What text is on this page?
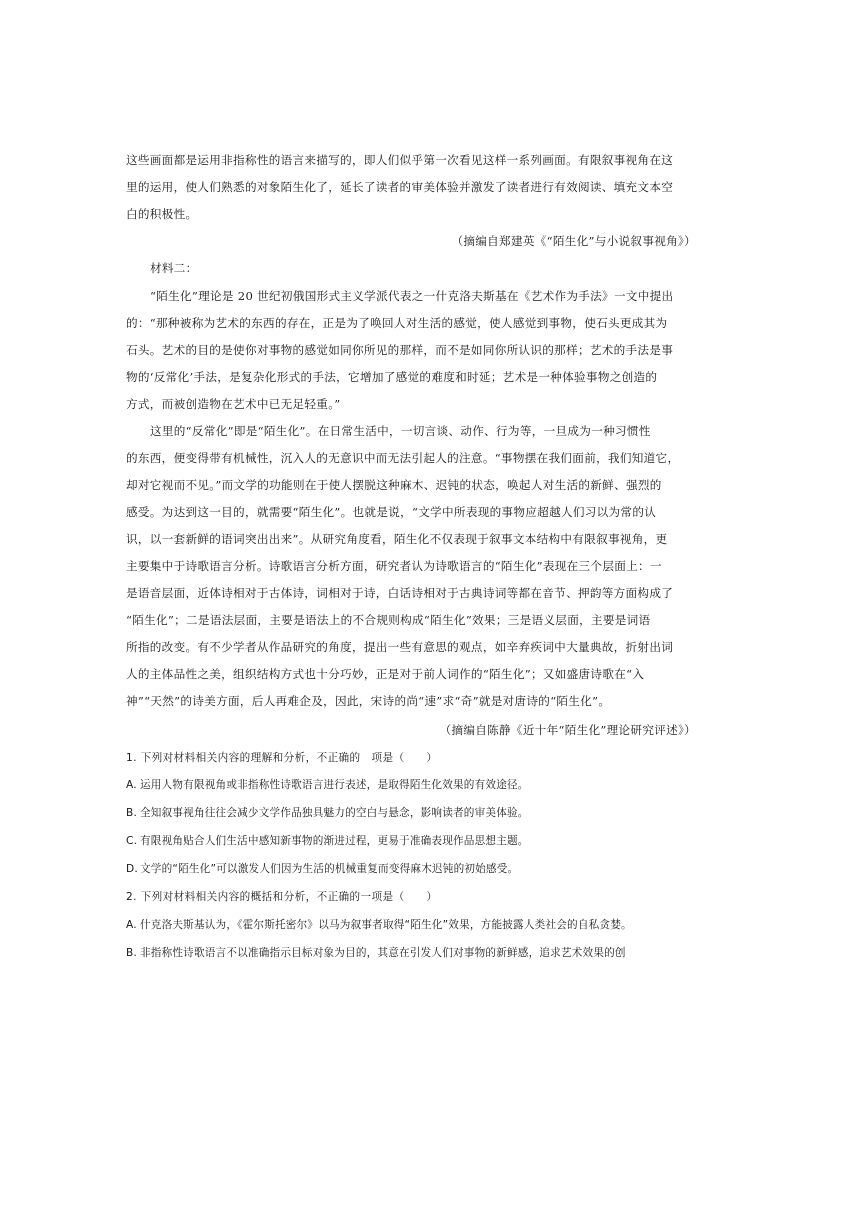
这些画面都是运用非指称性的语言来描写的，即人们似乎第一次看见这样一系列画面。有限叙事视角在这
里的运用，使人们熟悉的对象陌生化了，延长了读者的审美体验并激发了读者进行有效阅读、填充文本空
白的积极性。
（摘编自郑建英《“陌生化”与小说叙事视角》）
材料二：
“陌生化”理论是 20 世纪初俄国形式主义学派代表之一什克洛夫斯基在《艺术作为手法》一文中提出
的：“那种被称为艺术的东西的存在，正是为了唤回人对生活的感觉，使人感觉到事物，使石头更成其为
石头。艺术的目的是使你对事物的感觉如同你所见的那样，而不是如同你所认识的那样；艺术的手法是事
物的‘反常化’手法，是复杂化形式的手法，它增加了感觉的难度和时延；艺术是一种体验事物之创造的
方式，而被创造物在艺术中已无足轻重。”
这里的“反常化”即是“陌生化”。在日常生活中，一切言谈、动作、行为等，一旦成为一种习惯性
的东西，便变得带有机械性，沉入人的无意识中而无法引起人的注意。“事物摆在我们面前，我们知道它，
却对它视而不见。”而文学的功能则在于使人摆脱这种麻木、迟钝的状态，唤起人对生活的新鲜、强烈的
感受。为达到这一目的，就需要“陌生化”。也就是说，“文学中所表现的事物应超越人们习以为常的认
识，以一套新鲜的语词突出出来”。从研究角度看，陌生化不仅表现于叙事文本结构中有限叙事视角，更
主要集中于诗歌语言分析。诗歌语言分析方面，研究者认为诗歌语言的“陌生化”表现在三个层面上：一
是语音层面，近体诗相对于古体诗，词相对于诗，白话诗相对于古典诗词等都在音节、押韵等方面构成了
“陌生化”；二是语法层面，主要是语法上的不合规则构成“陌生化”效果；三是语义层面，主要是词语
所指的改变。有不少学者从作品研究的角度，提出一些有意思的观点，如辛弃疾词中大量典故，折射出词
人的主体品性之美，组织结构方式也十分巧妙，正是对于前人词作的“陌生化”；又如盛唐诗歌在“入
神”“天然”的诗美方面，后人再难企及，因此，宋诗的尚“速”求“奇”就是对唐诗的“陌生化”。
（摘编自陈静《近十年“陌生化”理论研究评述》）
1. 下列对材料相关内容的理解和分析，不正确的　项是（　　）
A. 运用人物有限视角或非指称性诗歌语言进行表述，是取得陌生化效果的有效途径。
B. 全知叙事视角往往会减少文学作品独具魅力的空白与悬念，影响读者的审美体验。
C. 有限视角贴合人们生活中感知新事物的渐进过程，更易于准确表现作品思想主题。
D. 文学的“陌生化”可以激发人们因为生活的机械重复而变得麻木迟钝的初始感受。
2. 下列对材料相关内容的概括和分析，不正确的一项是（　　）
A. 什克洛夫斯基认为，《霍尔斯托密尔》以马为叙事者取得“陌生化”效果，方能披露人类社会的自私贪婪。
B. 非指称性诗歌语言不以准确指示目标对象为目的，其意在引发人们对事物的新鲜感，追求艺术效果的创
